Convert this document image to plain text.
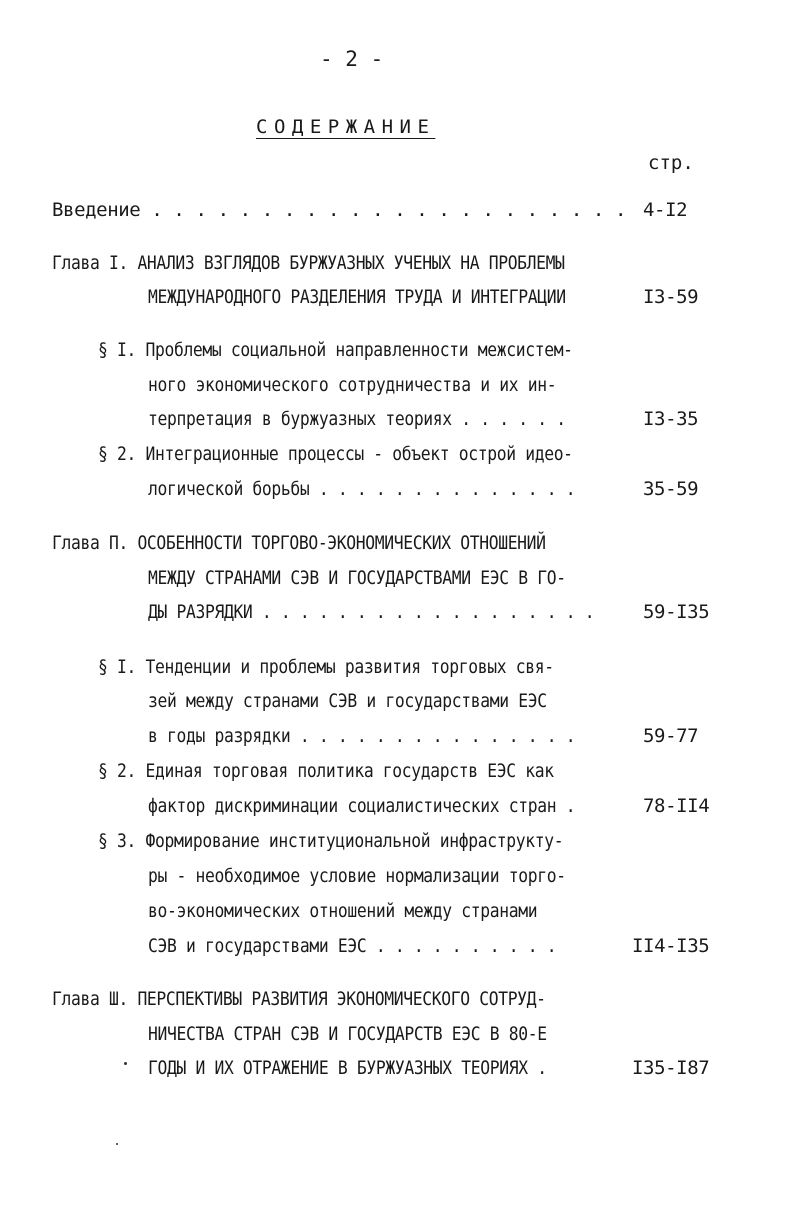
- 2 -
СОДЕРЖАНИЕ
стр.
Введение . . . . . . . . . . . . . . . . . . . . . . 4-I2
Глава I. АНАЛИЗ ВЗГЛЯДОВ БУРЖУАЗНЫХ УЧЕНЫХ НА ПРОБЛЕМЫ
МЕЖДУНАРОДНОГО РАЗДЕЛЕНИЯ ТРУДА И ИНТЕГРАЦИИ	I3-59
§ I. Проблемы социальной направленности межсистем-
ного экономического сотрудничества и их ин-
терпретация в буржуазных теориях . . . . . .	I3-35
§ 2. Интеграционные процессы - объект острой идео-
логической борьбы . . . . . . . . . . . . . .	35-59
Глава П. ОСОБЕННОСТИ ТОРГОВО-ЭКОНОМИЧЕСКИХ ОТНОШЕНИЙ
МЕЖДУ СТРАНАМИ СЭВ И ГОСУДАРСТВАМИ ЕЭС В ГО-
ДЫ РАЗРЯДКИ . . . . . . . . . . . . . . . . . .	59-I35
§ I. Тенденции и проблемы развития торговых свя-
зей между странами СЭВ и государствами ЕЭС
в годы разрядки . . . . . . . . . . . . . . .	59-77
§ 2. Единая торговая политика государств ЕЭС как
фактор дискриминации социалистических стран .	78-II4
§ 3. Формирование институциональной инфраструкту-
ры - необходимое условие нормализации торго-
во-экономических отношений между странами
СЭВ и государствами ЕЭС . . . . . . . . . .	II4-I35
Глава Ш. ПЕРСПЕКТИВЫ РАЗВИТИЯ ЭКОНОМИЧЕСКОГО СОТРУД-
НИЧЕСТВА СТРАН СЭВ И ГОСУДАРСТВ ЕЭС В 80-Е
ГОДЫ И ИХ ОТРАЖЕНИЕ В БУРЖУАЗНЫХ ТЕОРИЯХ .	I35-I87
